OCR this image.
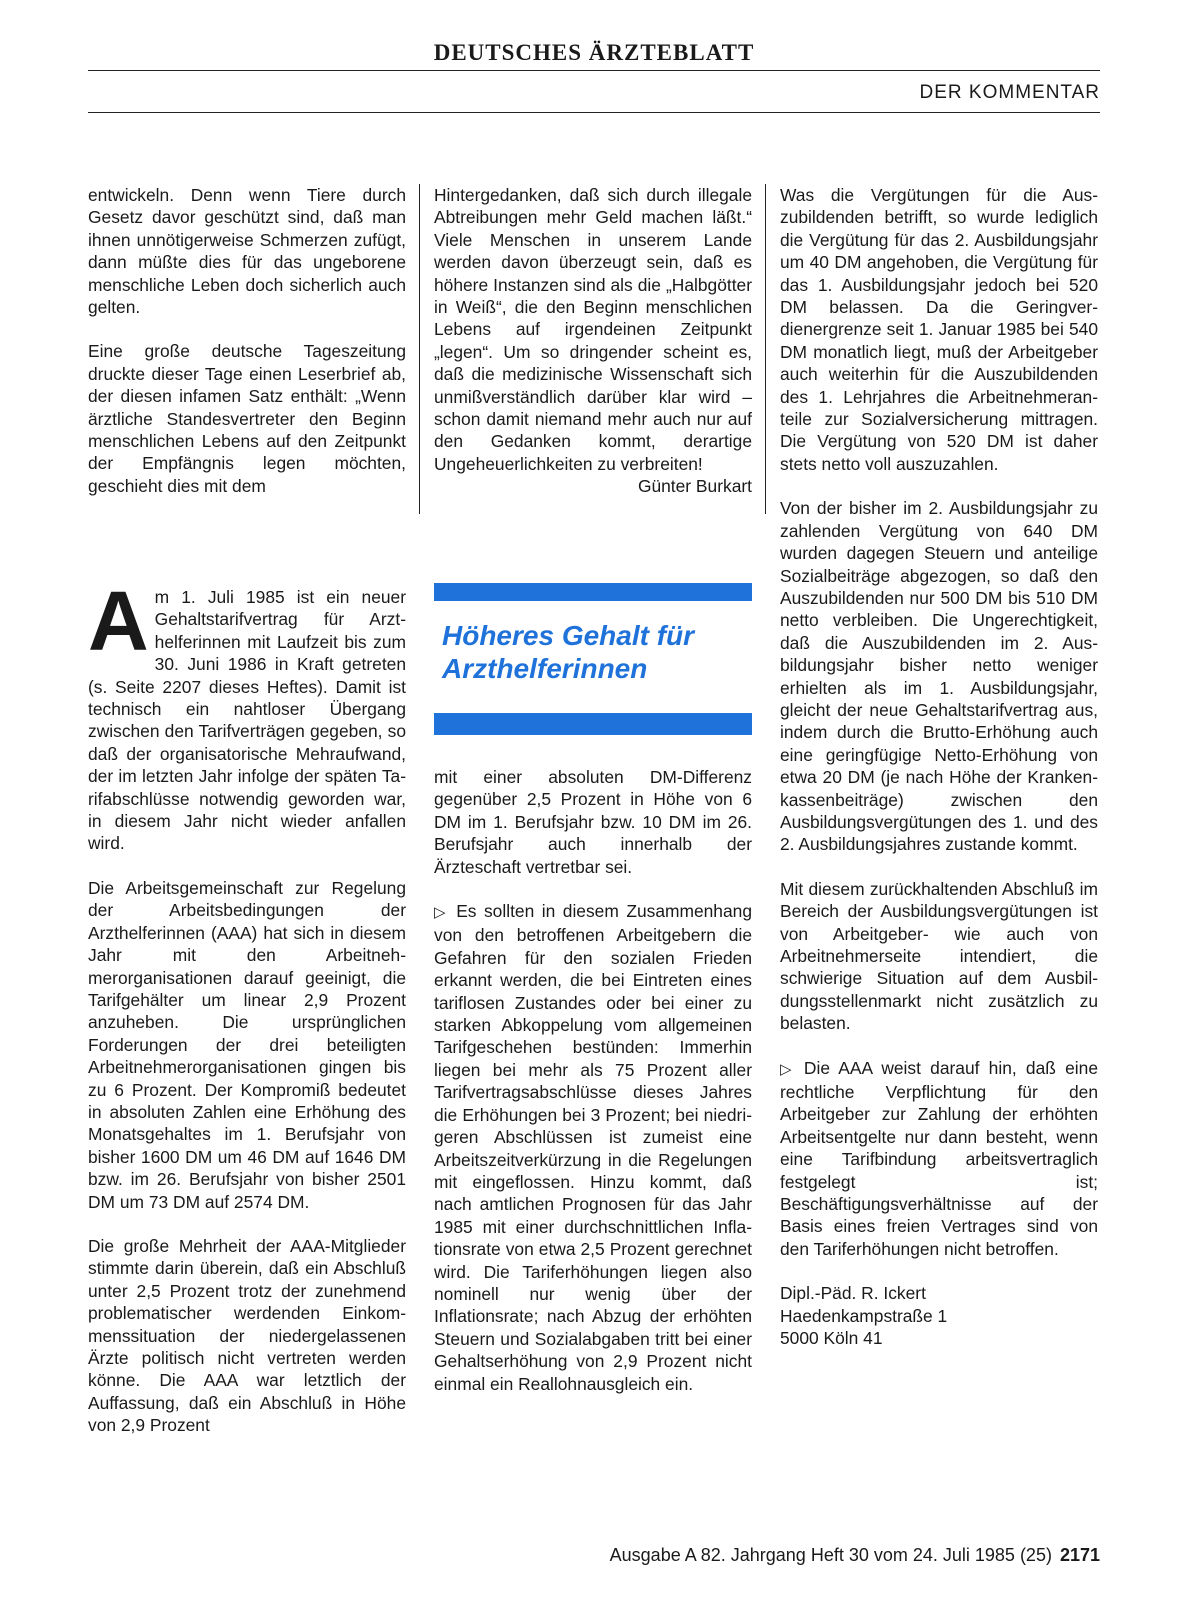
DEUTSCHES ÄRZTEBLATT
DER KOMMENTAR

entwickeln. Denn wenn Tiere durch Gesetz davor geschützt sind, daß man ihnen unnötigerweise Schmerzen zufügt, dann müßte dies für das ungeborene menschliche Leben doch sicherlich auch gelten.

Eine große deutsche Tageszeitung druckte dieser Tage einen Leserbrief ab, der diesen infamen Satz enthält: „Wenn ärztliche Standesvertreter den Beginn menschlichen Lebens auf den Zeitpunkt der Empfängnis legen möchten, geschieht dies mit dem

Hintergedanken, daß sich durch illegale Abtreibungen mehr Geld machen läßt.“ Viele Menschen in unserem Lande werden davon überzeugt sein, daß es höhere Instanzen sind als die „Halbgötter in Weiß“, die den Beginn menschlichen Lebens auf irgendeinen Zeitpunkt „legen“. Um so dringender scheint es, daß die medizinische Wissenschaft sich unmißverständlich darüber klar wird – schon damit niemand mehr auch nur auf den Gedanken kommt, derartige Ungeheuerlichkeiten zu verbreiten!
Günter Burkart
Höheres Gehalt für Arzthelferinnen

Am 1. Juli 1985 ist ein neuer Gehaltstarifvertrag für Arzthelferinnen mit Laufzeit bis zum 30. Juni 1986 in Kraft getreten (s. Seite 2207 dieses Heftes). Damit ist technisch ein nahtloser Übergang zwischen den Tarifverträgen gegeben, so daß der organisatorische Mehraufwand, der im letzten Jahr infolge der späten Tarifabschlüsse notwendig geworden war, in diesem Jahr nicht wieder anfallen wird.

Die Arbeitsgemeinschaft zur Regelung der Arbeitsbedingungen der Arzthelferinnen (AAA) hat sich in diesem Jahr mit den Arbeitnehmerorganisationen darauf geeinigt, die Tarifgehälter um linear 2,9 Prozent anzuheben. Die ursprünglichen Forderungen der drei beteiligten Arbeitnehmerorganisationen gingen bis zu 6 Prozent. Der Kompromiß bedeutet in absoluten Zahlen eine Erhöhung des Monatsgehaltes im 1. Berufsjahr von bisher 1600 DM um 46 DM auf 1646 DM bzw. im 26. Berufsjahr von bisher 2501 DM um 73 DM auf 2574 DM.

Die große Mehrheit der AAA-Mitglieder stimmte darin überein, daß ein Abschluß unter 2,5 Prozent trotz der zunehmend problematischer werdenden Einkommenssituation der niedergelassenen Ärzte politisch nicht vertreten werden könne. Die AAA war letztlich der Auffassung, daß ein Abschluß in Höhe von 2,9 Prozent

mit einer absoluten DM-Differenz gegenüber 2,5 Prozent in Höhe von 6 DM im 1. Berufsjahr bzw. 10 DM im 26. Berufsjahr auch innerhalb der Ärzteschaft vertretbar sei.

▷ Es sollten in diesem Zusammenhang von den betroffenen Arbeitgebern die Gefahren für den sozialen Frieden erkannt werden, die bei Eintreten eines tariflosen Zustandes oder bei einer zu starken Abkoppelung vom allgemeinen Tarifgeschehen bestünden: Immerhin liegen bei mehr als 75 Prozent aller Tarifvertragsabschlüsse dieses Jahres die Erhöhungen bei 3 Prozent; bei niedrigeren Abschlüssen ist zumeist eine Arbeitszeitverkürzung in die Regelungen mit eingeflossen. Hinzu kommt, daß nach amtlichen Prognosen für das Jahr 1985 mit einer durchschnittlichen Inflationsrate von etwa 2,5 Prozent gerechnet wird. Die Tariferhöhungen liegen also nominell nur wenig über der Inflationsrate; nach Abzug der erhöhten Steuern und Sozialabgaben tritt bei einer Gehaltserhöhung von 2,9 Prozent nicht einmal ein Reallohnausgleich ein.

Was die Vergütungen für die Auszubildenden betrifft, so wurde lediglich die Vergütung für das 2. Ausbildungsjahr um 40 DM angehoben, die Vergütung für das 1. Ausbildungsjahr jedoch bei 520 DM belassen. Da die Geringverdienergrenze seit 1. Januar 1985 bei 540 DM monatlich liegt, muß der Arbeitgeber auch weiterhin für die Auszubildenden des 1. Lehrjahres die Arbeitnehmeranteile zur Sozialversicherung mittragen. Die Vergütung von 520 DM ist daher stets netto voll auszuzahlen.

Von der bisher im 2. Ausbildungsjahr zu zahlenden Vergütung von 640 DM wurden dagegen Steuern und anteilige Sozialbeiträge abgezogen, so daß den Auszubildenden nur 500 DM bis 510 DM netto verbleiben. Die Ungerechtigkeit, daß die Auszubildenden im 2. Ausbildungsjahr bisher netto weniger erhielten als im 1. Ausbildungsjahr, gleicht der neue Gehaltstarifvertrag aus, indem durch die Brutto-Erhöhung auch eine geringfügige Netto-Erhöhung von etwa 20 DM (je nach Höhe der Krankenkassenbeiträge) zwischen den Ausbildungsvergütungen des 1. und des 2. Ausbildungsjahres zustande kommt.

Mit diesem zurückhaltenden Abschluß im Bereich der Ausbildungsvergütungen ist von Arbeitgeber- wie auch von Arbeitnehmerseite intendiert, die schwierige Situation auf dem Ausbildungsstellenmarkt nicht zusätzlich zu belasten.

▷ Die AAA weist darauf hin, daß eine rechtliche Verpflichtung für den Arbeitgeber zur Zahlung der erhöhten Arbeitsentgelte nur dann besteht, wenn eine Tarifbindung arbeitsvertraglich festgelegt ist; Beschäftigungsverhältnisse auf der Basis eines freien Vertrages sind von den Tariferhöhungen nicht betroffen.

Dipl.-Päd. R. Ickert
Haedenkampstraße 1
5000 Köln 41
Ausgabe A 82. Jahrgang Heft 30 vom 24. Juli 1985 (25) 2171
